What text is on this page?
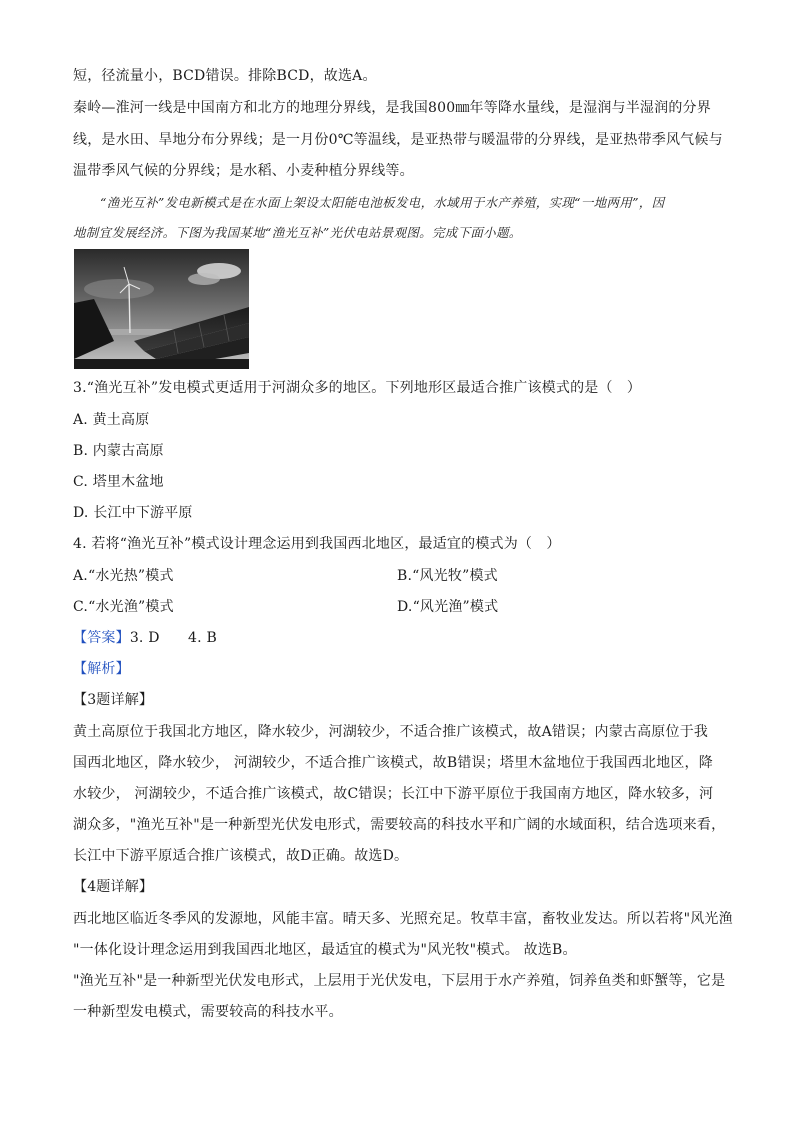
短，径流量小，BCD错误。排除BCD，故选A。
秦岭—淮河一线是中国南方和北方的地理分界线，是我国800㎜年等降水量线，是湿润与半湿润的分界
线，是水田、旱地分布分界线；是一月份0℃等温线，是亚热带与暖温带的分界线，是亚热带季风气候与
温带季风气候的分界线；是水稻、小麦种植分界线等。
“渔光互补”发电新模式是在水面上架设太阳能电池板发电，水域用于水产养殖，实现“一地两用”，因
地制宜发展经济。下图为我国某地“渔光互补”光伏电站景观图。完成下面小题。
3.“渔光互补”发电模式更适用于河湖众多的地区。下列地形区最适合推广该模式的是（　）
A. 黄土高原
B. 内蒙古高原
C. 塔里木盆地
D. 长江中下游平原
4. 若将“渔光互补”模式设计理念运用到我国西北地区，最适宜的模式为（　）
A.“水光热”模式	B.“风光牧”模式
C.“水光渔”模式	D.“风光渔”模式
【答案】3. D　　4. B
【解析】
【3题详解】
黄土高原位于我国北方地区，降水较少，河湖较少，不适合推广该模式，故A错误；内蒙古高原位于我
国西北地区，降水较少， 河湖较少，不适合推广该模式，故B错误；塔里木盆地位于我国西北地区，降
水较少， 河湖较少，不适合推广该模式，故C错误；长江中下游平原位于我国南方地区，降水较多，河
湖众多，"渔光互补"是一种新型光伏发电形式，需要较高的科技水平和广阔的水域面积，结合选项来看，
长江中下游平原适合推广该模式，故D正确。故选D。
【4题详解】
西北地区临近冬季风的发源地，风能丰富。晴天多、光照充足。牧草丰富，畜牧业发达。所以若将"风光渔
"一体化设计理念运用到我国西北地区，最适宜的模式为"风光牧"模式。 故选B。
"渔光互补"是一种新型光伏发电形式，上层用于光伏发电，下层用于水产养殖，饲养鱼类和虾蟹等，它是
一种新型发电模式，需要较高的科技水平。
